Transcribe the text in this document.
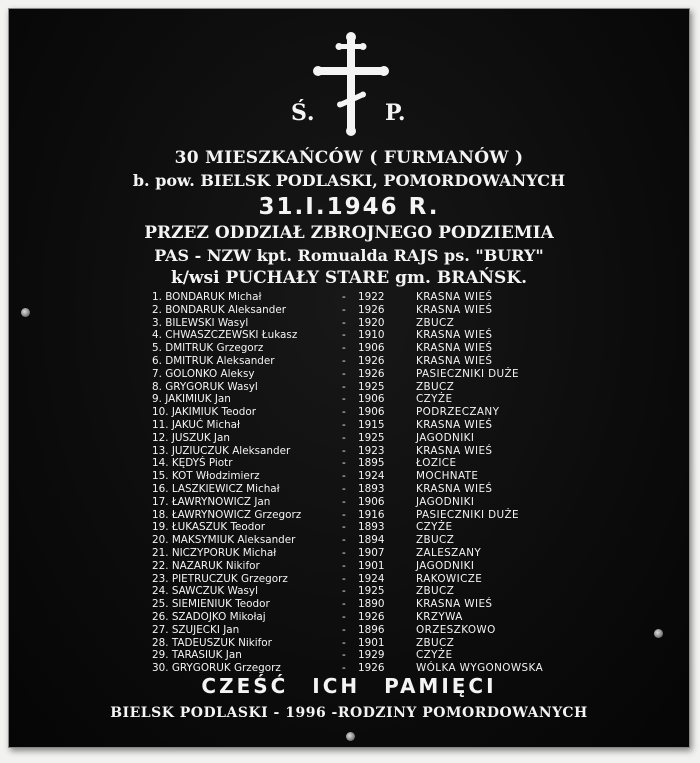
Ś.	P.
30 MIESZKAŃCÓW ( FURMANÓW )
b. pow. BIELSK PODLASKI, POMORDOWANYCH
31.I.1946 R.
PRZEZ ODDZIAŁ ZBROJNEGO PODZIEMIA
PAS - NZW kpt. Romualda RAJS ps. "BURY"
k/wsi PUCHAŁY STARE gm. BRAŃSK.
1. BONDARUK Michał	- 1922	KRASNA WIEŚ
2. BONDARUK Aleksander	- 1926	KRASNA WIEŚ
3. BILEWSKI Wasyl	- 1920	ZBUCZ
4. CHWASZCZEWSKI Łukasz	- 1910	KRASNA WIEŚ
5. DMITRUK Grzegorz	- 1906	KRASNA WIEŚ
6. DMITRUK Aleksander	- 1926	KRASNA WIEŚ
7. GOLONKO Aleksy	- 1926	PASIECZNIKI DUŻE
8. GRYGORUK Wasyl	- 1925	ZBUCZ
9. JAKIMIUK Jan	- 1906	CZYŻE
10. JAKIMIUK Teodor	- 1906	PODRZECZANY
11. JAKUĆ Michał	- 1915	KRASNA WIEŚ
12. JUSZUK Jan	- 1925	JAGODNIKI
13. JUZIUCZUK Aleksander	- 1923	KRASNA WIEŚ
14. KĘDYŚ Piotr	- 1895	ŁOZICE
15. KOT Włodzimierz	- 1924	MOCHNATE
16. LASZKIEWICZ Michał	- 1893	KRASNA WIEŚ
17. ŁAWRYNOWICZ Jan	- 1906	JAGODNIKI
18. ŁAWRYNOWICZ Grzegorz	- 1916	PASIECZNIKI DUŻE
19. ŁUKASZUK Teodor	- 1893	CZYŻE
20. MAKSYMIUK Aleksander	- 1894	ZBUCZ
21. NICZYPORUK Michał	- 1907	ZALESZANY
22. NAZARUK Nikifor	- 1901	JAGODNIKI
23. PIETRUCZUK Grzegorz	- 1924	RAKOWICZE
24. SAWCZUK Wasyl	- 1925	ZBUCZ
25. SIEMIENIUK Teodor	- 1890	KRASNA WIEŚ
26. SZADOJKO Mikołaj	- 1926	KRZYWA
27. SZUJECKI Jan	- 1896	ORZESZKOWO
28. TADEUSZUK Nikifor	- 1901	ZBUCZ
29. TARASIUK Jan	- 1929	CZYŻE
30. GRYGORUK Grzegorz	- 1926	WÓLKA WYGONOWSKA
CZEŚĆ ICH PAMIĘCI
BIELSK PODLASKI - 1996 -RODZINY POMORDOWANYCH
